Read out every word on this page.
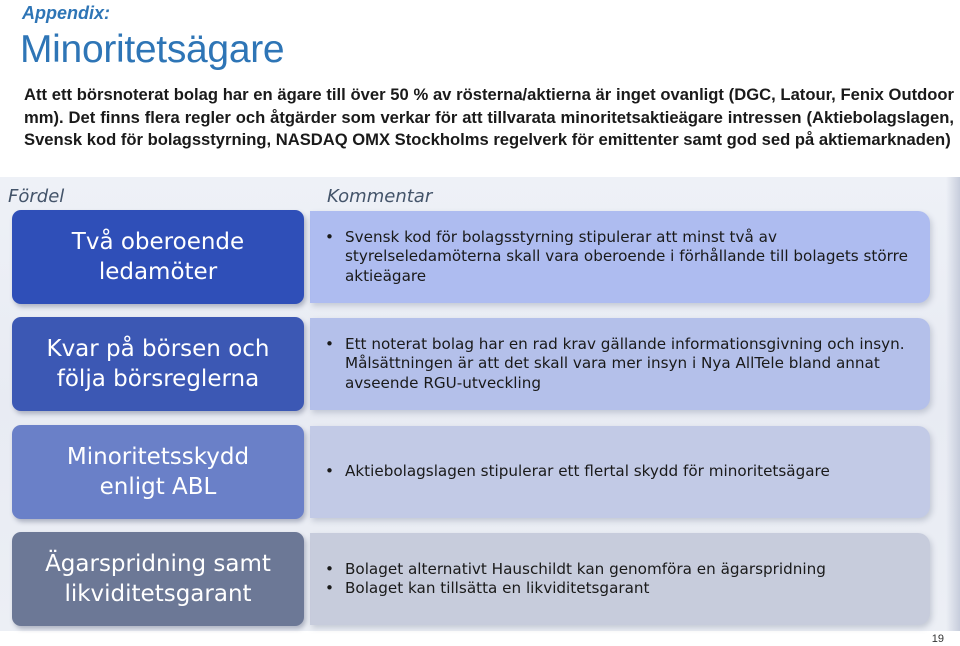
Appendix:
Minoritetsägare
Att ett börsnoterat bolag har en ägare till över 50 % av rösterna/aktierna är inget ovanligt (DGC, Latour, Fenix Outdoor mm). Det finns flera regler och åtgärder som verkar för att tillvarata minoritetsaktieägare intressen (Aktiebolagslagen, Svensk kod för bolagsstyrning, NASDAQ OMX Stockholms regelverk för emittenter samt god sed på aktiemarknaden)
Fördel	Kommentar
• Svensk kod för bolagsstyrning stipulerar att minst två av styrelseledamöterna skall vara oberoende i förhållande till bolagets större aktieägare
Två oberoende
ledamöter
• Ett noterat bolag har en rad krav gällande informationsgivning och insyn. Målsättningen är att det skall vara mer insyn i Nya AllTele bland annat avseende RGU-utveckling
Kvar på börsen och
följa börsreglerna
• Aktiebolagslagen stipulerar ett flertal skydd för minoritetsägare
Minoritetsskydd
enligt ABL
• Bolaget alternativt Hauschildt kan genomföra en ägarspridning
• Bolaget kan tillsätta en likviditetsgarant
Ägarspridning samt
likviditetsgarant
19
